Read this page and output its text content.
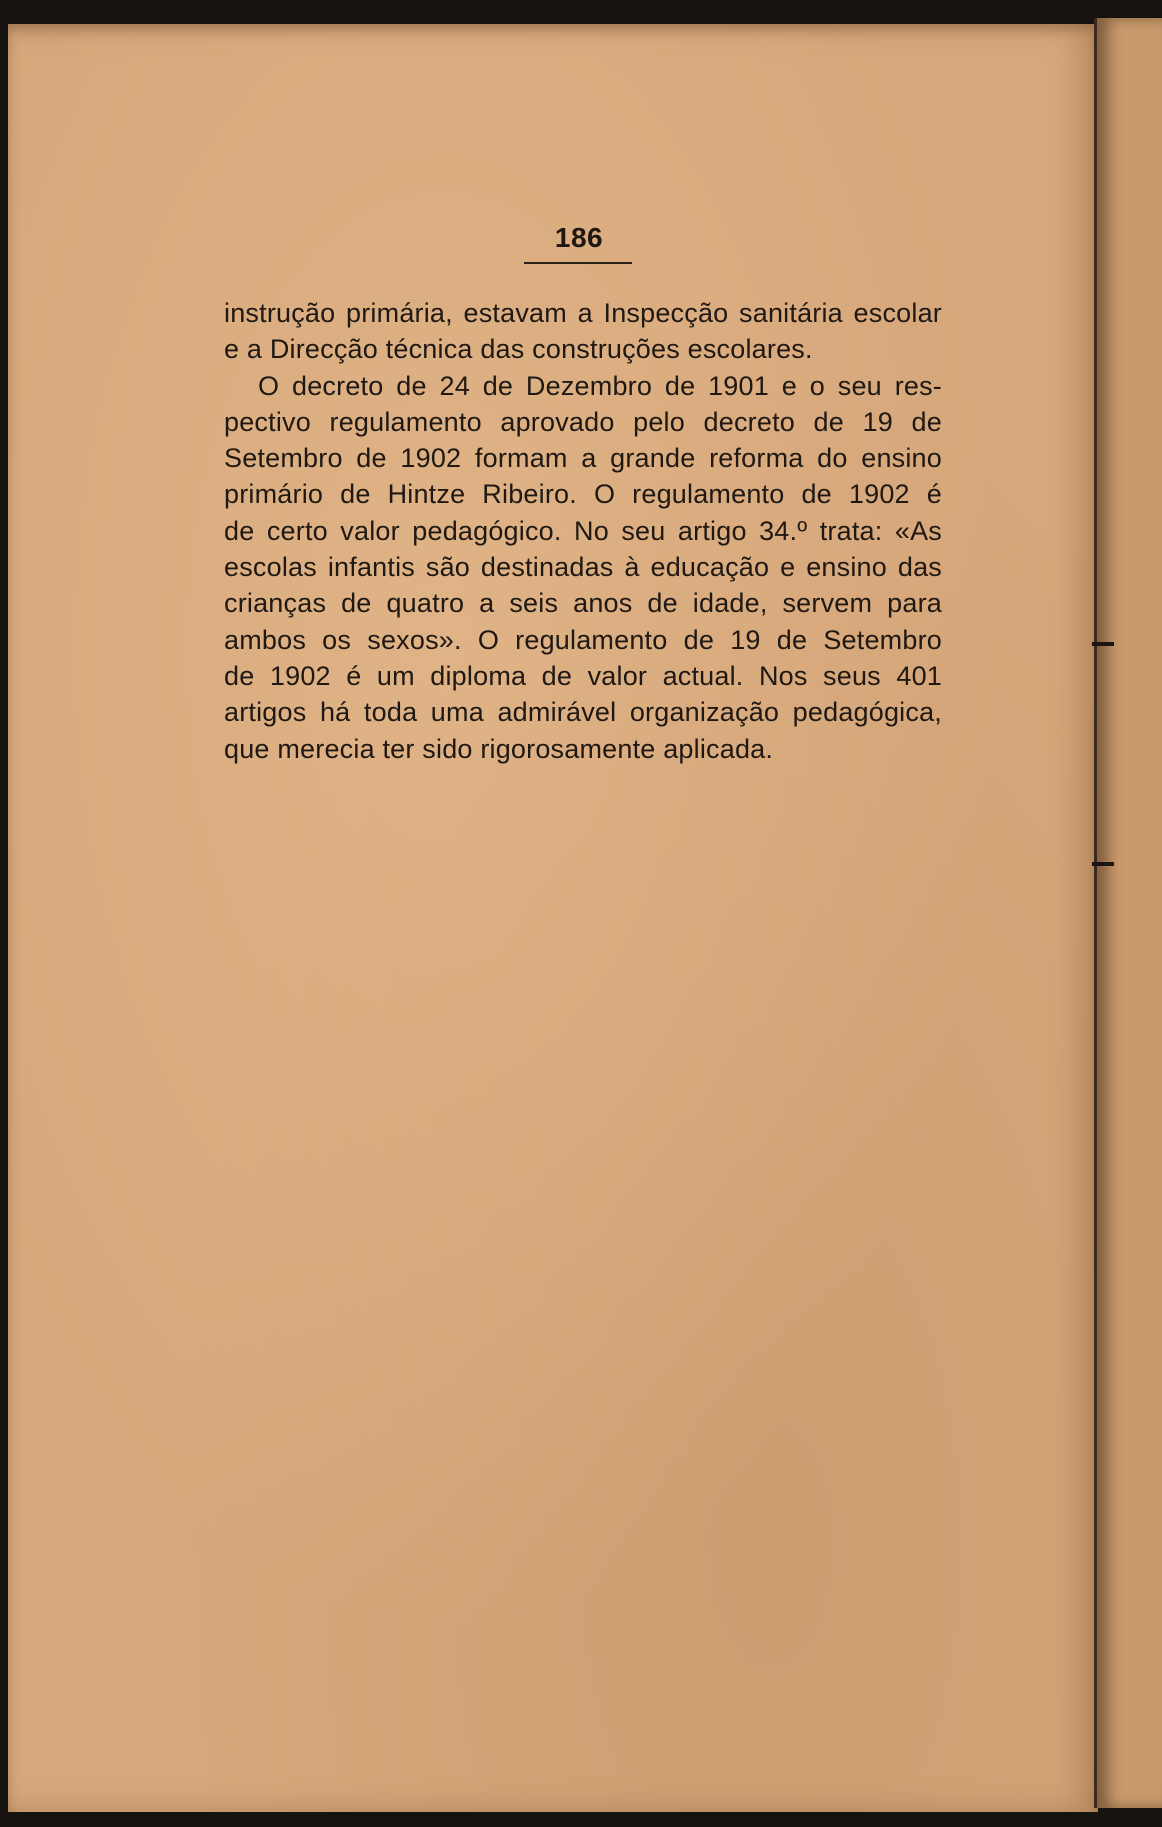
186
instrução primária, estavam a Inspecção sanitária escolar
e a Direcção técnica das construções escolares.
O decreto de 24 de Dezembro de 1901 e o seu res-
pectivo regulamento aprovado pelo decreto de 19 de
Setembro de 1902 formam a grande reforma do ensino
primário de Hintze Ribeiro. O regulamento de 1902 é
de certo valor pedagógico. No seu artigo 34.º trata: «As
escolas infantis são destinadas à educação e ensino das
crianças de quatro a seis anos de idade, servem para
ambos os sexos». O regulamento de 19 de Setembro
de 1902 é um diploma de valor actual. Nos seus 401
artigos há toda uma admirável organização pedagógica,
que merecia ter sido rigorosamente aplicada.
